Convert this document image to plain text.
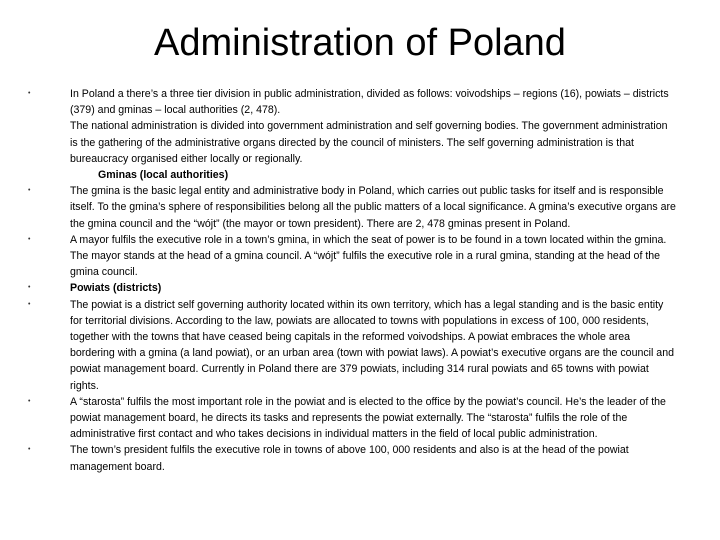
Administration of Poland
•	In Poland a there’s a three tier division in public administration, divided as follows: voivodships – regions (16), powiats – districts (379) and gminas – local authorities (2, 478).
The national administration is divided into government administration and self governing bodies. The government administration is the gathering of the administrative organs directed by the council of ministers. The self governing administration is that bureaucracy organised either locally or regionally.
Gminas (local authorities)
•	The gmina is the basic legal entity and administrative body in Poland, which carries out public tasks for itself and is responsible itself. To the gmina’s sphere of responsibilities belong all the public matters of a local significance. A gmina’s executive organs are the gmina council and the “wójt” (the mayor or town president). There are 2, 478 gminas present in Poland.
•	A mayor fulfils the executive role in a town’s gmina, in which the seat of power is to be found in a town located within the gmina. The mayor stands at the head of a gmina council. A “wójt” fulfils the executive role in a rural gmina, standing at the head of the gmina council.
•	Powiats (districts)
•	The powiat is a district self governing authority located within its own territory, which has a legal standing and is the basic entity for territorial divisions. According to the law, powiats are allocated to towns with populations in excess of 100, 000 residents, together with the towns that have ceased being capitals in the reformed voivodships. A powiat embraces the whole area bordering with a gmina (a land powiat), or an urban area (town with powiat laws). A powiat’s executive organs are the council and powiat management board. Currently in Poland there are 379 powiats, including 314 rural powiats and 65 towns with powiat rights.
•	A “starosta” fulfils the most important role in the powiat and is elected to the office by the powiat’s council. He’s the leader of the powiat management board, he directs its tasks and represents the powiat externally. The “starosta” fulfils the role of the administrative first contact and who takes decisions in individual matters in the field of local public administration.
•	The town’s president fulfils the executive role in towns of above 100, 000 residents and also is at the head of the powiat management board.
